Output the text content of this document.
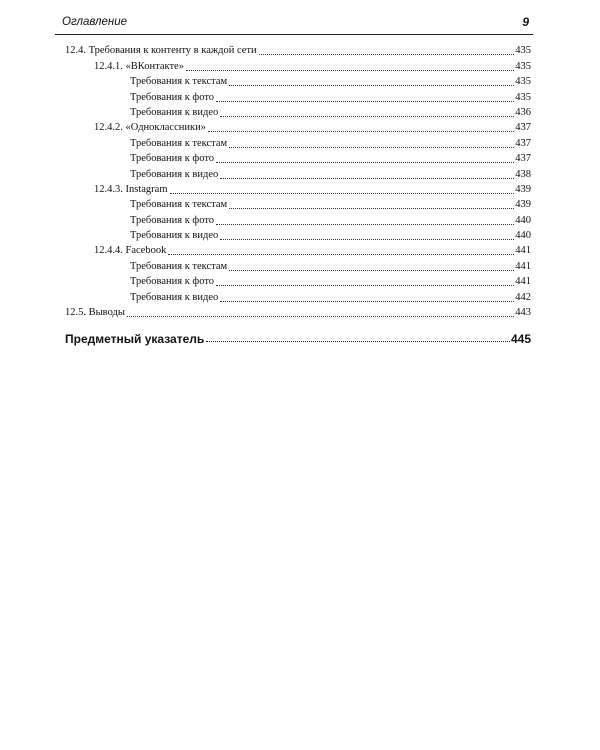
Оглавление	9
12.4. Требования к контенту в каждой сети	435
12.4.1. «ВКонтакте»	435
Требования к текстам	435
Требования к фото	435
Требования к видео	436
12.4.2. «Одноклассники»	437
Требования к текстам	437
Требования к фото	437
Требования к видео	438
12.4.3. Instagram	439
Требования к текстам	439
Требования к фото	440
Требования к видео	440
12.4.4. Facebook	441
Требования к текстам	441
Требования к фото	441
Требования к видео	442
12.5. Выводы	443
Предметный указатель	445
